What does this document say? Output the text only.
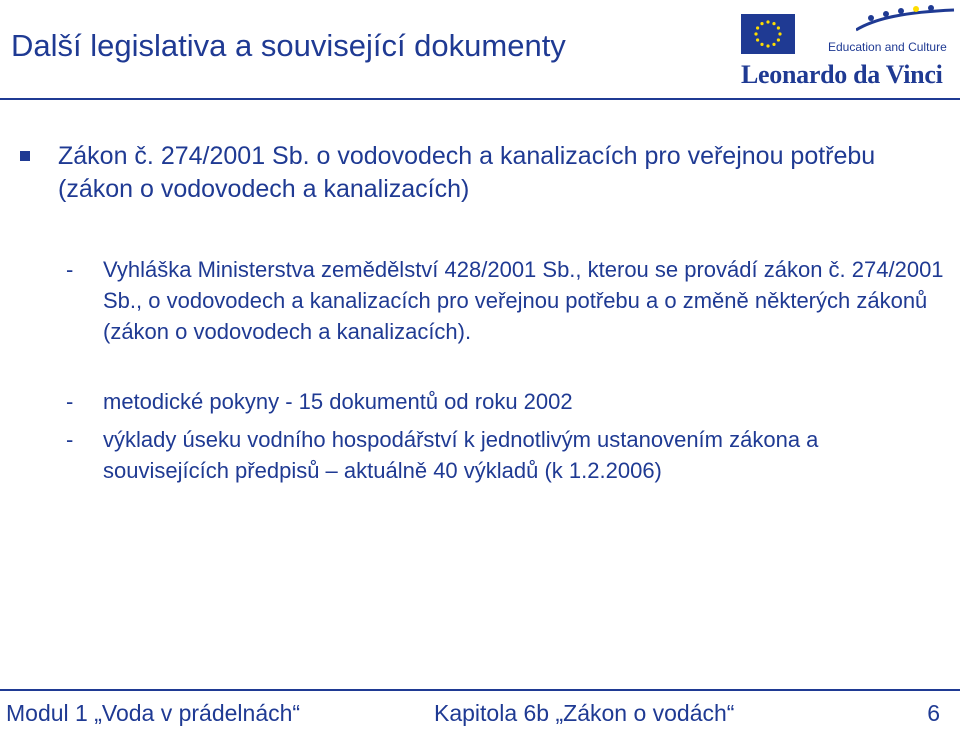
Další legislativa a související dokumenty	Education and Culture
Leonardo da Vinci
Zákon č. 274/2001 Sb. o vodovodech a kanalizacích pro veřejnou potřebu (zákon o vodovodech a kanalizacích)
- Vyhláška Ministerstva zemědělství 428/2001 Sb., kterou se provádí zákon č. 274/2001 Sb., o vodovodech a kanalizacích pro veřejnou potřebu a o změně některých zákonů (zákon o vodovodech a kanalizacích).
- metodické pokyny - 15 dokumentů od roku 2002
- výklady úseku vodního hospodářství k jednotlivým ustanovením zákona a souvisejících předpisů – aktuálně 40 výkladů (k 1.2.2006)
Modul 1 „Voda v prádelnách“	Kapitola 6b „Zákon o vodách“	6
